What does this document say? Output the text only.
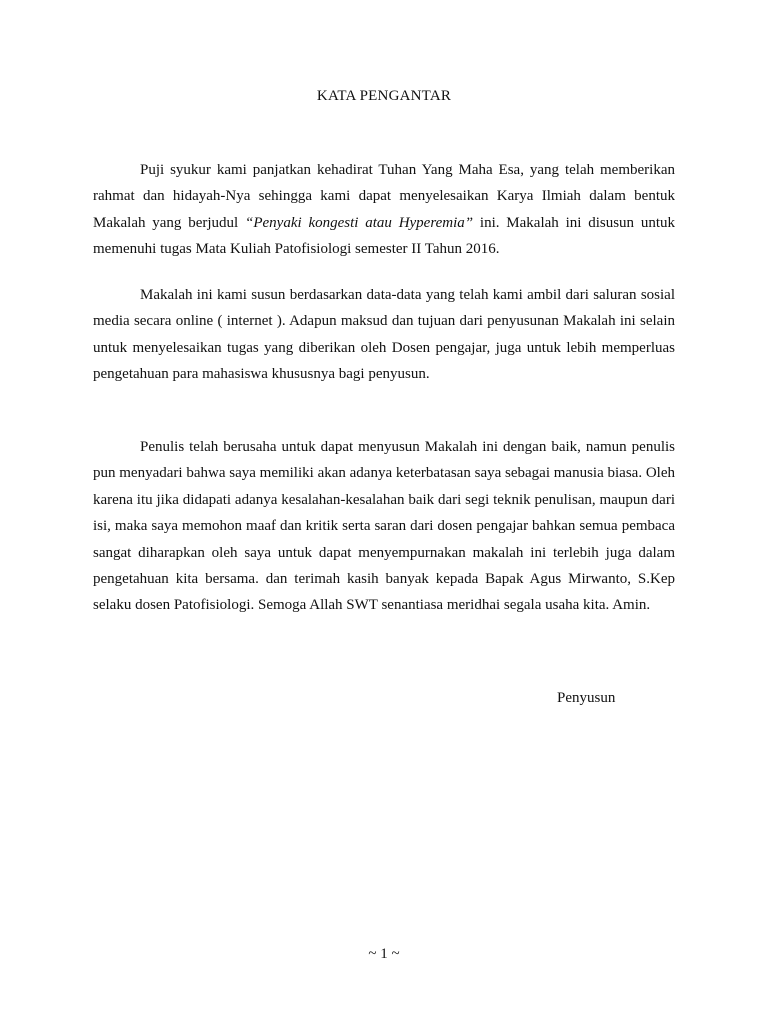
KATA PENGANTAR

Puji syukur kami panjatkan kehadirat Tuhan Yang Maha Esa, yang telah memberikan rahmat dan hidayah-Nya sehingga kami dapat menyelesaikan Karya Ilmiah dalam bentuk Makalah yang berjudul “Penyaki kongesti atau Hyperemia” ini. Makalah ini disusun untuk memenuhi tugas Mata Kuliah Patofisiologi semester II Tahun 2016.

Makalah ini kami susun berdasarkan data-data yang telah kami ambil dari saluran sosial media secara online ( internet ). Adapun maksud dan tujuan dari penyusunan Makalah ini selain untuk menyelesaikan tugas yang diberikan oleh Dosen pengajar, juga untuk lebih memperluas pengetahuan para mahasiswa khususnya bagi penyusun.

Penulis telah berusaha untuk dapat menyusun Makalah ini dengan baik, namun penulis pun menyadari bahwa saya memiliki akan adanya keterbatasan saya sebagai manusia biasa. Oleh karena itu jika didapati adanya kesalahan-kesalahan baik dari segi teknik penulisan, maupun dari isi, maka saya memohon maaf dan kritik serta saran dari dosen pengajar bahkan semua pembaca sangat diharapkan oleh saya untuk dapat menyempurnakan makalah ini terlebih juga dalam pengetahuan kita bersama. dan terimah kasih banyak kepada Bapak Agus Mirwanto, S.Kep selaku dosen Patofisiologi. Semoga Allah SWT senantiasa meridhai segala usaha kita. Amin.

Penyusun
~ 1 ~
